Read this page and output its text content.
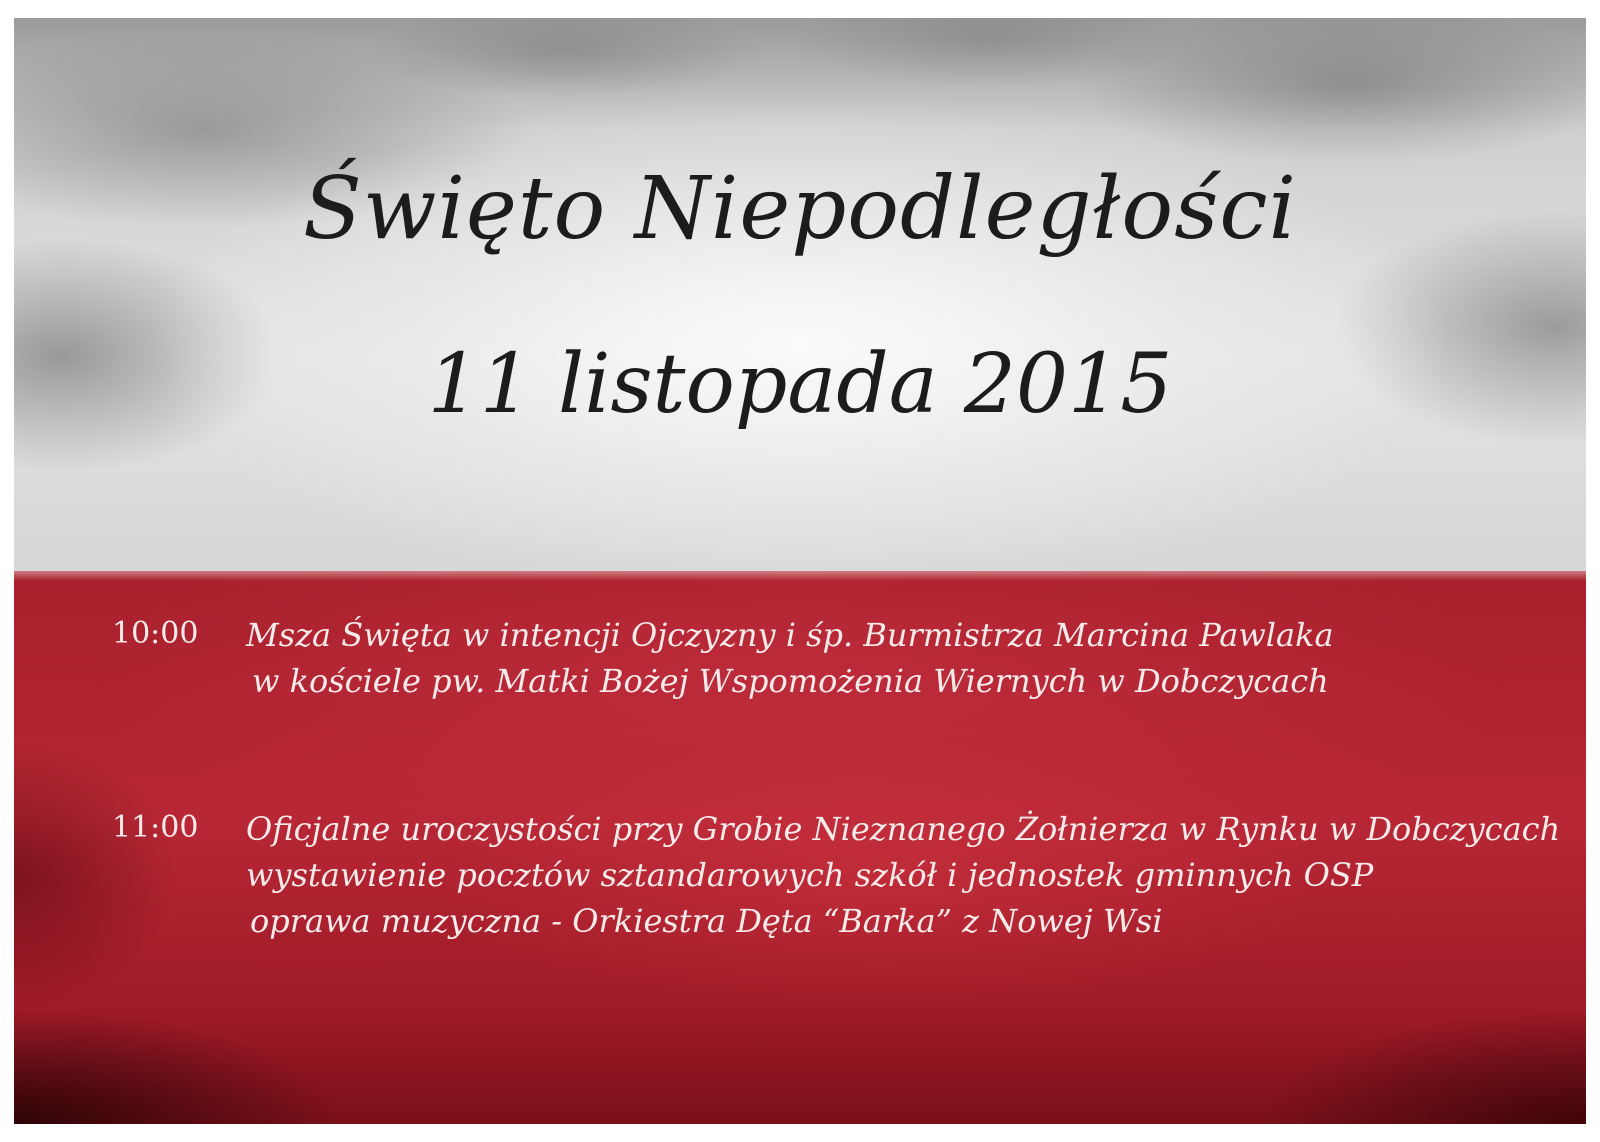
Święto Niepodległości
11 listopada 2015
10:00 Msza Święta w intencji Ojczyzny i śp. Burmistrza Marcina Pawlaka
w kościele pw. Matki Bożej Wspomożenia Wiernych w Dobczycach
11:00 Oficjalne uroczystości przy Grobie Nieznanego Żołnierza w Rynku w Dobczycach
wystawienie pocztów sztandarowych szkół i jednostek gminnych OSP
oprawa muzyczna - Orkiestra Dęta “Barka” z Nowej Wsi
